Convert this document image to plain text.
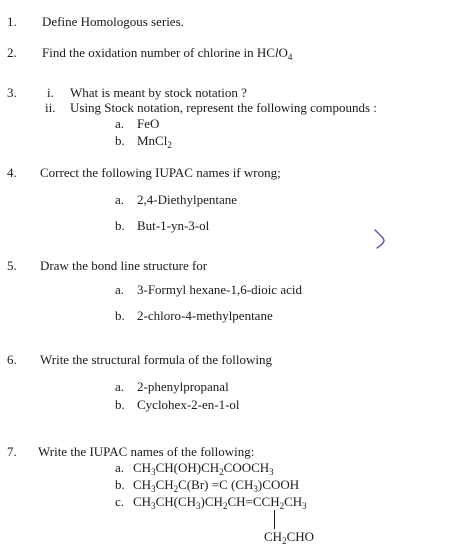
1. Define Homologous series.
2. Find the oxidation number of chlorine in HClO$_4$
3. i. What is meant by stock notation ?
ii. Using Stock notation, represent the following compounds :
a. FeO
b. MnCl$_2$
4. Correct the following IUPAC names if wrong;
a. 2,4-Diethylpentane
b. But-1-yn-3-ol
5. Draw the bond line structure for
a. 3-Formyl hexane-1,6-dioic acid
b. 2-chloro-4-methylpentane
6. Write the structural formula of the following
a. 2-phenylpropanal
b. Cyclohex-2-en-1-ol
7. Write the IUPAC names of the following:
a. $CH_3CH(OH)CH_2COOCH_3$
b. $CH_3CH_2C(Br) =C$ $(CH_3)COOH$
c. $CH_3CH(CH_3)CH_2CH=CCH_2CH_3$
$CH_2CHO$
